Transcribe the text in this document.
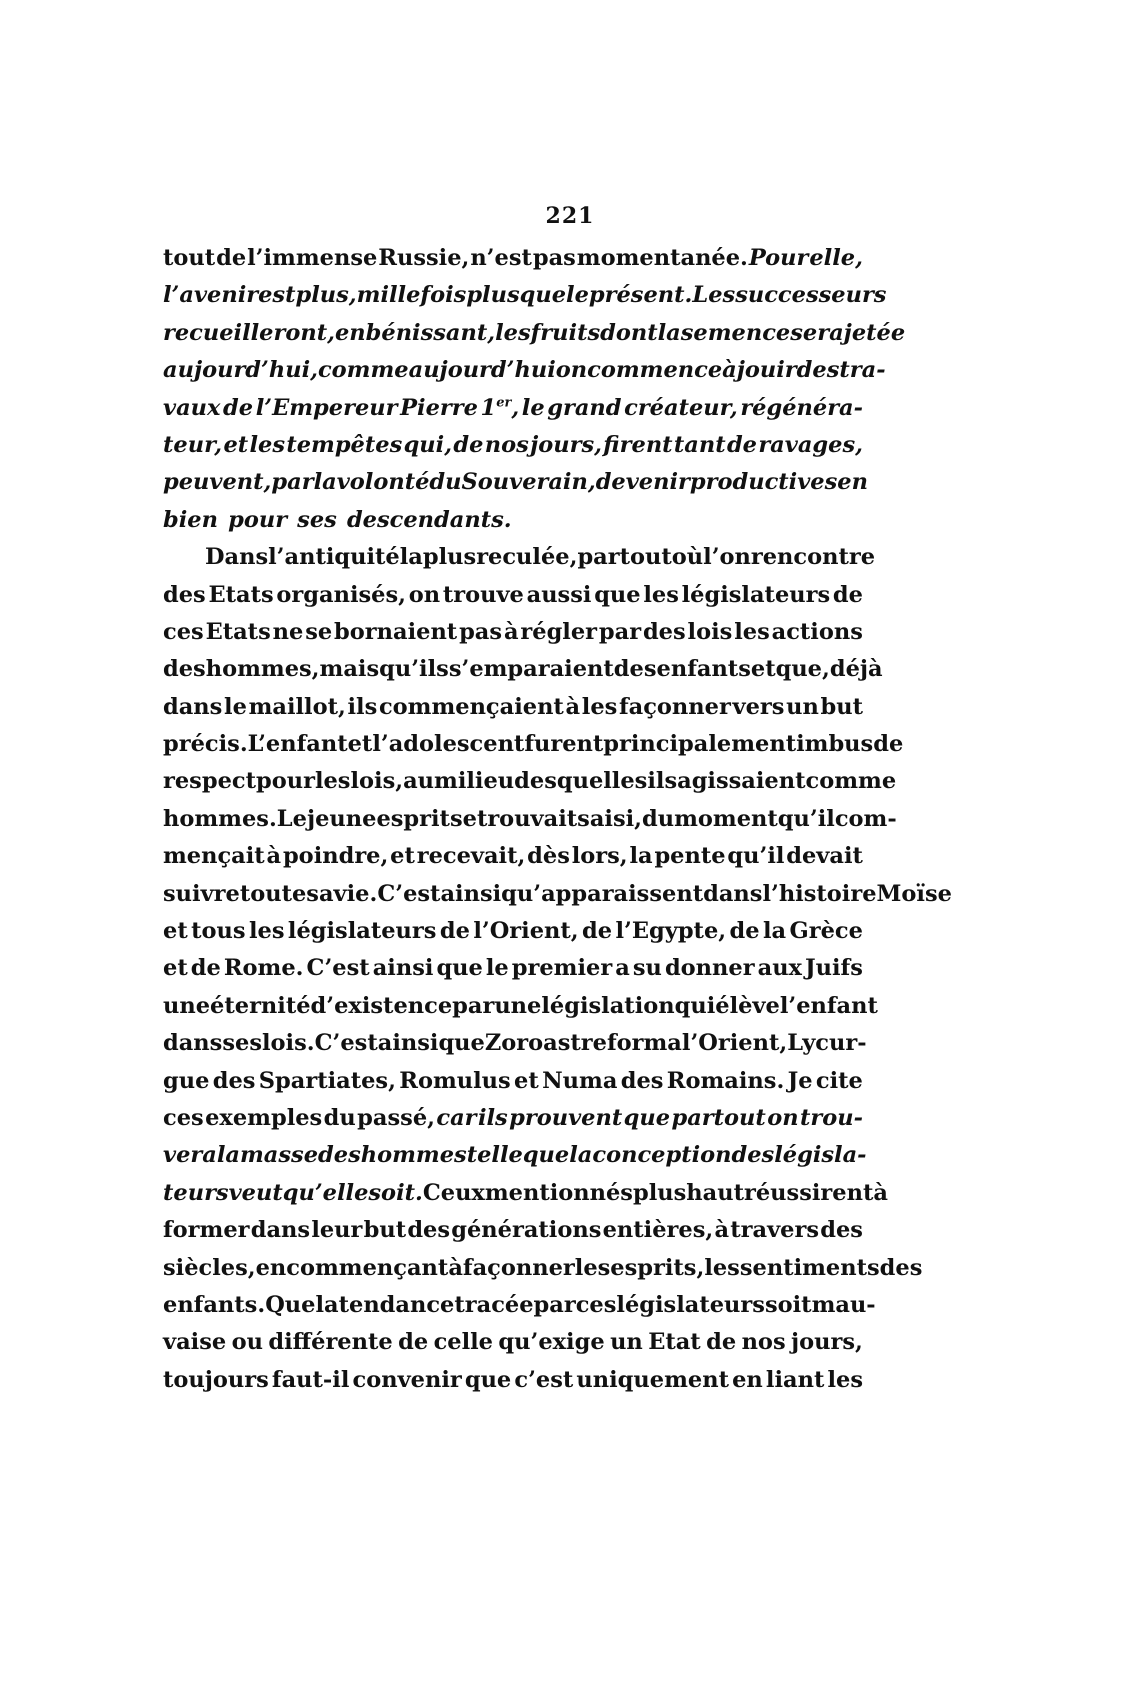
221
tout de l’immense Russie, n’est pas momentanée. Pour elle,
l’avenir est plus, mille fois plus que le présent. Les successeurs
recueilleront, en bénissant, les fruits dont la semence sera jetée
aujourd’hui, comme aujourd’hui on commence à jouir des tra-
vaux de l’Empereur Pierre 1er, le grand créateur, régénéra-
teur, et les tempêtes qui, de nos jours, firent tant de ravages,
peuvent, par la volonté du Souverain, devenir productives en
bien pour ses descendants.
Dans l’antiquité la plus reculée, partout où l’on rencontre
des Etats organisés, on trouve aussi que les législateurs de
ces Etats ne se bornaient pas à régler par des lois les actions
des hommes, mais qu’ils s’emparaient des enfants et que, déjà
dans le maillot, ils commençaient à les façonner vers un but
précis. L’enfant et l’adolescent furent principalement imbus de
respect pour les lois, au milieu desquelles ils agissaient comme
hommes. Le jeune esprit se trouvait saisi, du moment qu’il com-
mençait à poindre, et recevait, dès lors, la pente qu’il devait
suivre toute sa vie. C’est ainsi qu’apparaissent dans l’histoire Moïse
et tous les législateurs de l’Orient, de l’Egypte, de la Grèce
et de Rome. C’est ainsi que le premier a su donner aux Juifs
une éternité d’existence par une législation qui élève l’enfant
dans ses lois. C’est ainsi que Zoroastre forma l’Orient, Lycur-
gue des Spartiates, Romulus et Numa des Romains. Je cite
ces exemples du passé, car ils prouvent que partout on trou-
vera la masse des hommes telle que la conception des législa-
teurs veut qu’elle soit. Ceux mentionnés plus haut réussirent à
former dans leur but des générations entières, à travers des
siècles, en commençant à façonner les esprits, les sentiments des
enfants. Que la tendance tracée par ces législateurs soit mau-
vaise ou différente de celle qu’exige un Etat de nos jours,
toujours faut-il convenir que c’est uniquement en liant les
